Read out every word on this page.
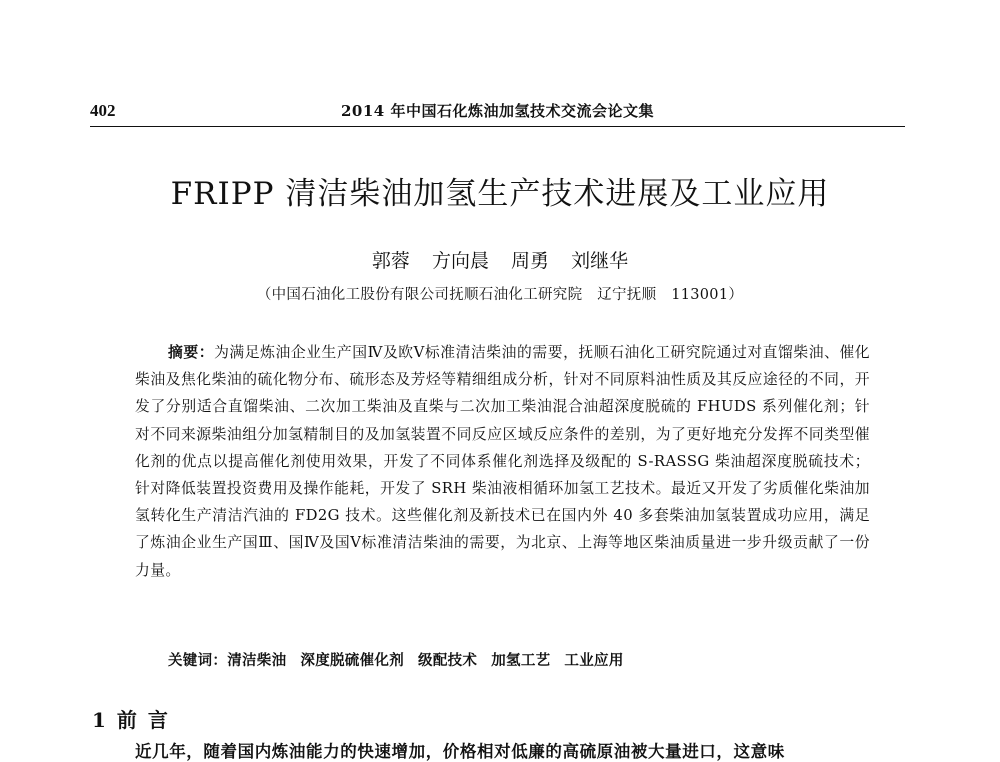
402	2014 年中国石化炼油加氢技术交流会论文集
FRIPP 清洁柴油加氢生产技术进展及工业应用
郭蓉 方向晨 周勇 刘继华
（中国石油化工股份有限公司抚顺石油化工研究院　辽宁抚顺　113001）
摘要：为满足炼油企业生产国Ⅳ及欧Ⅴ标准清洁柴油的需要，抚顺石油化工研究院通过对直馏柴油、催化柴油及焦化柴油的硫化物分布、硫形态及芳烃等精细组成分析，针对不同原料油性质及其反应途径的不同，开发了分别适合直馏柴油、二次加工柴油及直柴与二次加工柴油混合油超深度脱硫的 FHUDS 系列催化剂；针对不同来源柴油组分加氢精制目的及加氢装置不同反应区域反应条件的差别，为了更好地充分发挥不同类型催化剂的优点以提高催化剂使用效果，开发了不同体系催化剂选择及级配的 S-RASSG 柴油超深度脱硫技术；针对降低装置投资费用及操作能耗，开发了 SRH 柴油液相循环加氢工艺技术。最近又开发了劣质催化柴油加氢转化生产清洁汽油的 FD2G 技术。这些催化剂及新技术已在国内外 40 多套柴油加氢装置成功应用，满足了炼油企业生产国Ⅲ、国Ⅳ及国Ⅴ标准清洁柴油的需要，为北京、上海等地区柴油质量进一步升级贡献了一份力量。
关键词：清洁柴油 深度脱硫催化剂 级配技术 加氢工艺 工业应用
1 前 言
近几年，随着国内炼油能力的快速增加，价格相对低廉的高硫原油被大量进口，这意味
